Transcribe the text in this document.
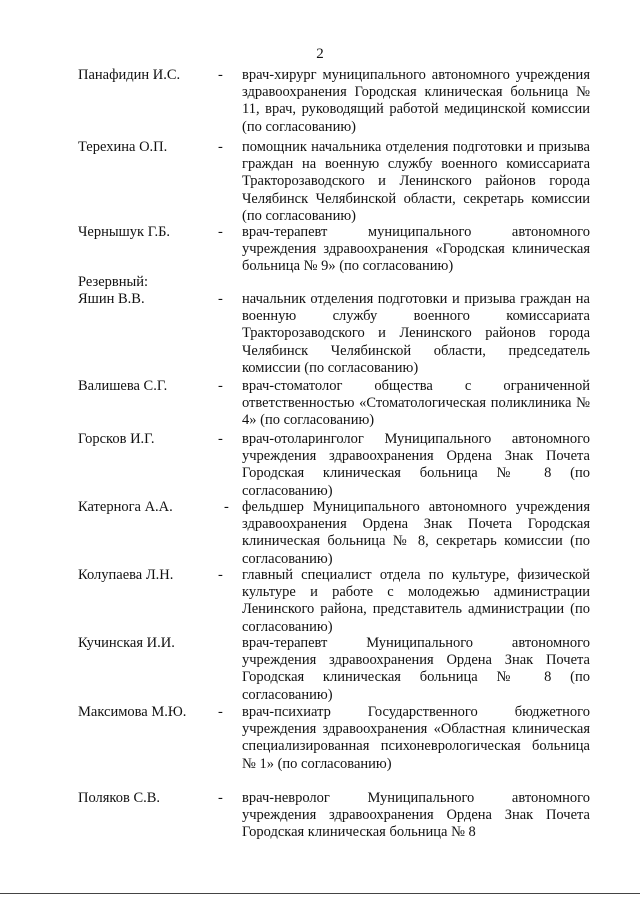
2
Панафидин И.С.	- врач-хирург муниципального автономного учреждения здравоохранения Городская клиническая больница № 11, врач, руководящий работой медицинской комиссии (по согласованию)
Терехина О.П.	- помощник начальника отделения подготовки и призыва граждан на военную службу военного комиссариата Тракторозаводского и Ленинского районов города Челябинск Челябинской области, секретарь комиссии (по согласованию)
Чернышук Г.Б.	- врач-терапевт муниципального автономного учреждения здравоохранения «Городская клиническая больница № 9» (по согласованию)
Резервный:
Яшин В.В.	- начальник отделения подготовки и призыва граждан на военную службу военного комиссариата Тракторозаводского и Ленинского районов города Челябинск Челябинской области, председатель комиссии (по согласованию)
Валишева С.Г.	- врач-стоматолог общества с ограниченной ответственностью «Стоматологическая поликлиника № 4» (по согласованию)
Горсков И.Г.	- врач-отоларинголог Муниципального автономного учреждения здравоохранения Ордена Знак Почета Городская клиническая больница № 8 (по согласованию)
Катернога А.А.	- фельдшер Муниципального автономного учреждения здравоохранения Ордена Знак Почета Городская клиническая больница № 8, секретарь комиссии (по согласованию)
Колупаева Л.Н.	- главный специалист отдела по культуре, физической культуре и работе с молодежью администрации Ленинского района, представитель администрации (по согласованию)
Кучинская И.И.	врач-терапевт Муниципального автономного учреждения здравоохранения Ордена Знак Почета Городская клиническая больница № 8 (по согласованию)
Максимова М.Ю. - врач-психиатр Государственного бюджетного учреждения здравоохранения «Областная клиническая специализированная психоневрологическая больница № 1» (по согласованию)
Поляков С.В.	- врач-невролог Муниципального автономного учреждения здравоохранения Ордена Знак Почета Городская клиническая больница № 8
